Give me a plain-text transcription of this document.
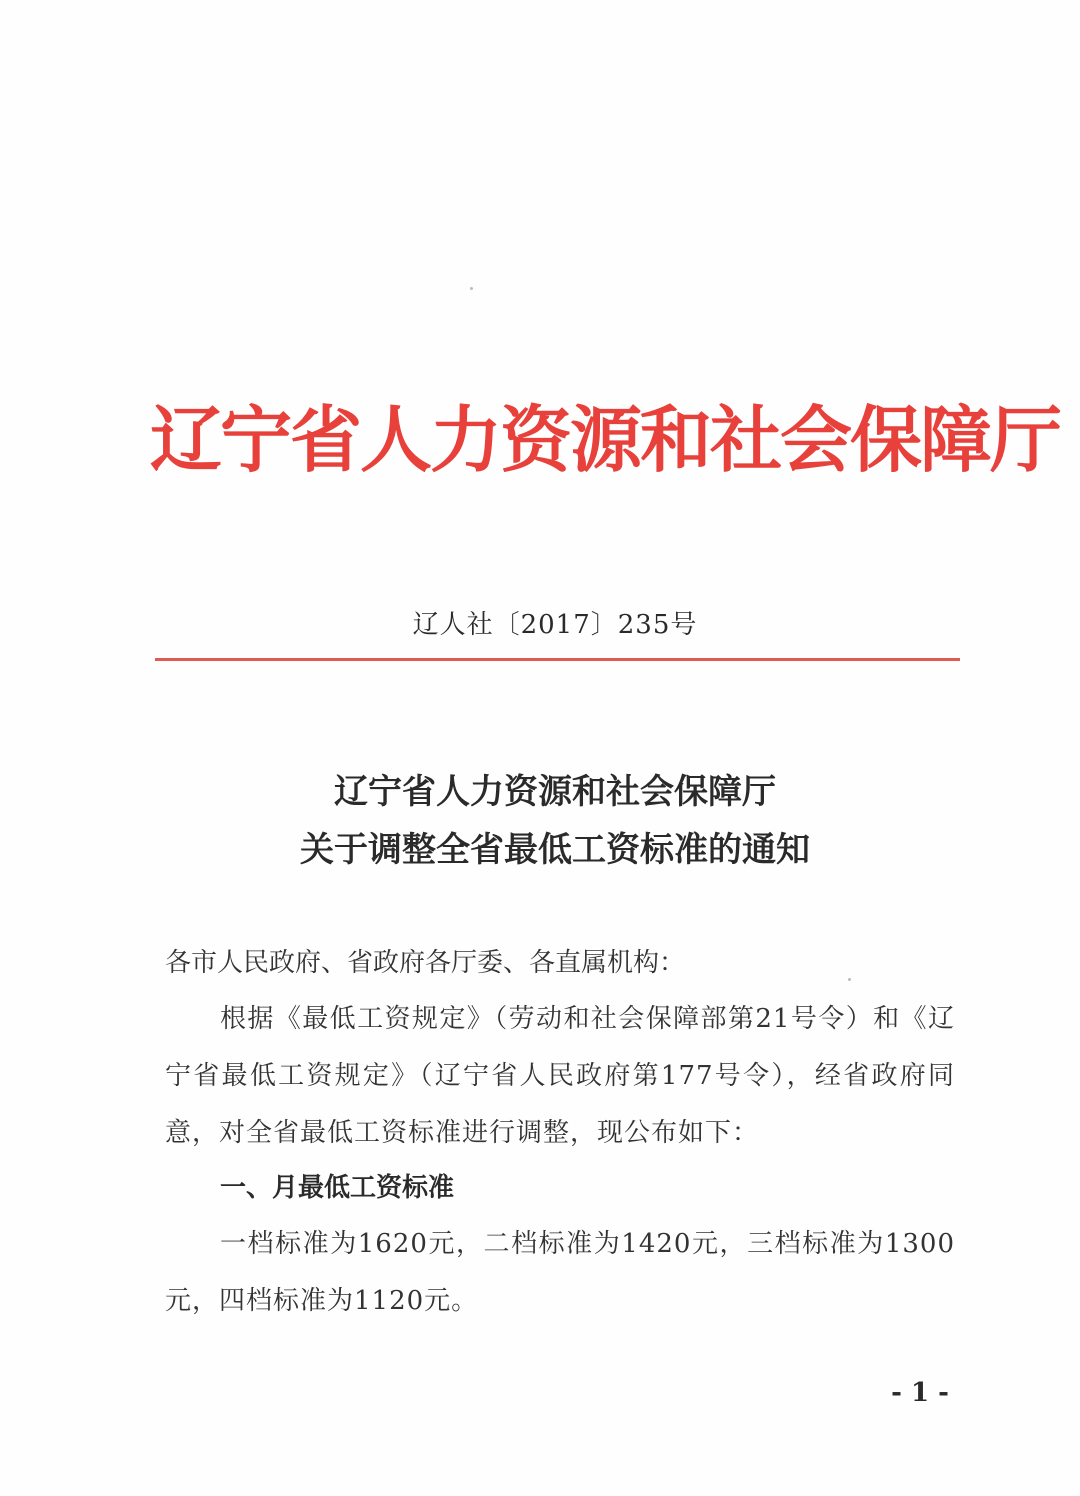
辽宁省人力资源和社会保障厅
辽人社〔2017〕235号
辽宁省人力资源和社会保障厅
关于调整全省最低工资标准的通知
各市人民政府、省政府各厅委、各直属机构：
根据《最低工资规定》（劳动和社会保障部第21号令）和《辽
宁省最低工资规定》（辽宁省人民政府第177号令），经省政府同
意，对全省最低工资标准进行调整，现公布如下：
一、月最低工资标准
一档标准为1620元，二档标准为1420元，三档标准为1300
元，四档标准为1120元。
- 1 -
